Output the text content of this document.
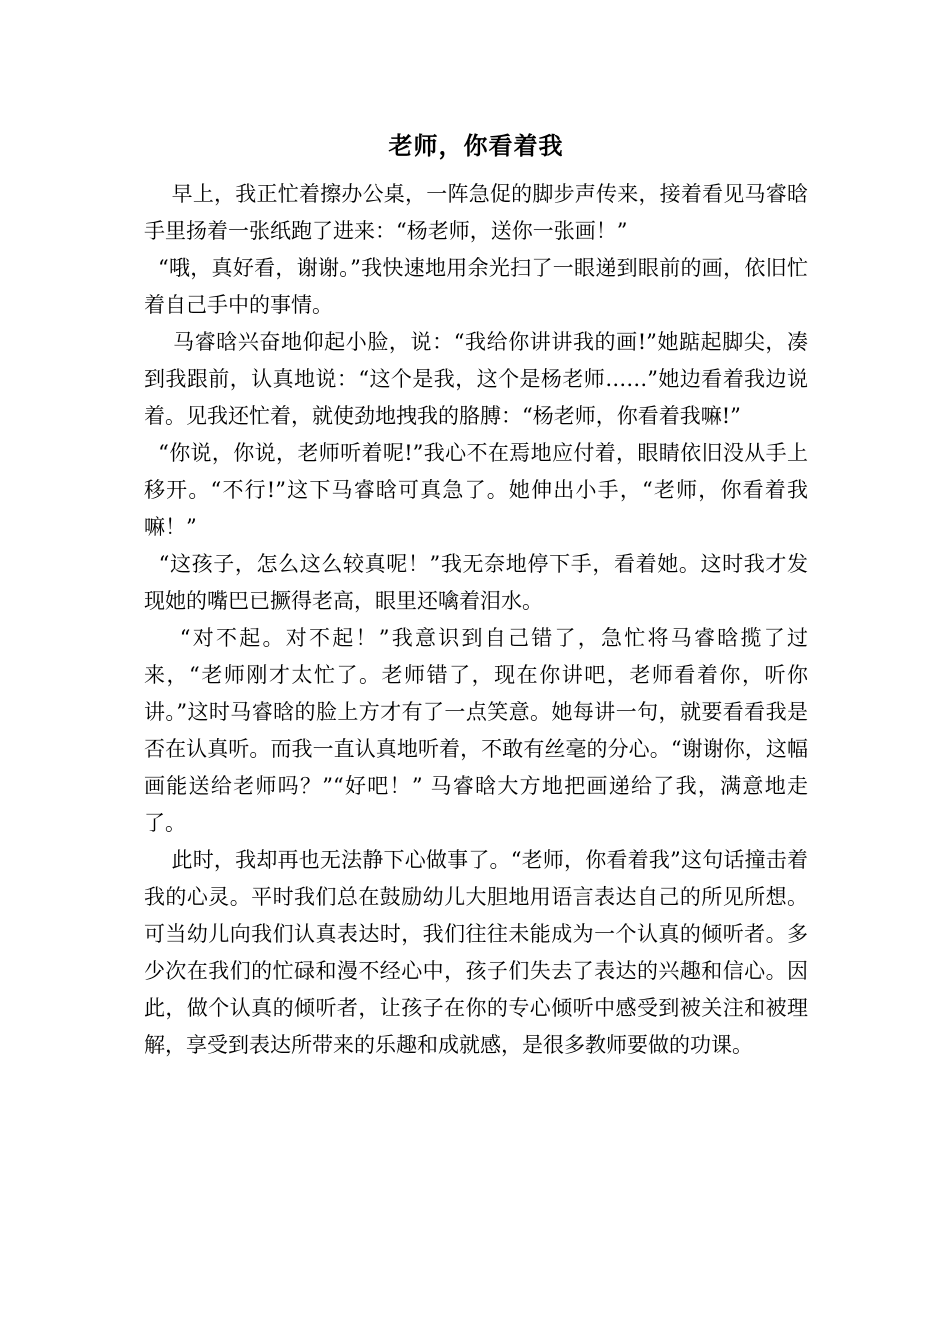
老师，你看着我

早上，我正忙着擦办公桌，一阵急促的脚步声传来，接着看见马睿晗手里扬着一张纸跑了进来：“杨老师，送你一张画！”

“哦，真好看，谢谢。”我快速地用余光扫了一眼递到眼前的画，依旧忙着自己手中的事情。

马睿晗兴奋地仰起小脸，说：“我给你讲讲我的画!”她踮起脚尖，凑到我跟前，认真地说：“这个是我，这个是杨老师……”她边看着我边说着。见我还忙着，就使劲地拽我的胳膊：“杨老师，你看着我嘛!”

“你说，你说，老师听着呢!”我心不在焉地应付着，眼睛依旧没从手上移开。“不行!”这下马睿晗可真急了。她伸出小手，“老师，你看着我嘛！”

“这孩子，怎么这么较真呢！”我无奈地停下手，看着她。这时我才发现她的嘴巴已撅得老高，眼里还噙着泪水。

“对不起。对不起！”我意识到自己错了，急忙将马睿晗揽了过来，“老师刚才太忙了。老师错了，现在你讲吧，老师看着你，听你讲。”这时马睿晗的脸上方才有了一点笑意。她每讲一句，就要看看我是否在认真听。而我一直认真地听着，不敢有丝毫的分心。“谢谢你，这幅画能送给老师吗？”“好吧！” 马睿晗大方地把画递给了我，满意地走了。

此时，我却再也无法静下心做事了。“老师，你看着我”这句话撞击着我的心灵。平时我们总在鼓励幼儿大胆地用语言表达自己的所见所想。可当幼儿向我们认真表达时，我们往往未能成为一个认真的倾听者。多少次在我们的忙碌和漫不经心中，孩子们失去了表达的兴趣和信心。因此，做个认真的倾听者，让孩子在你的专心倾听中感受到被关注和被理解，享受到表达所带来的乐趣和成就感，是很多教师要做的功课。
